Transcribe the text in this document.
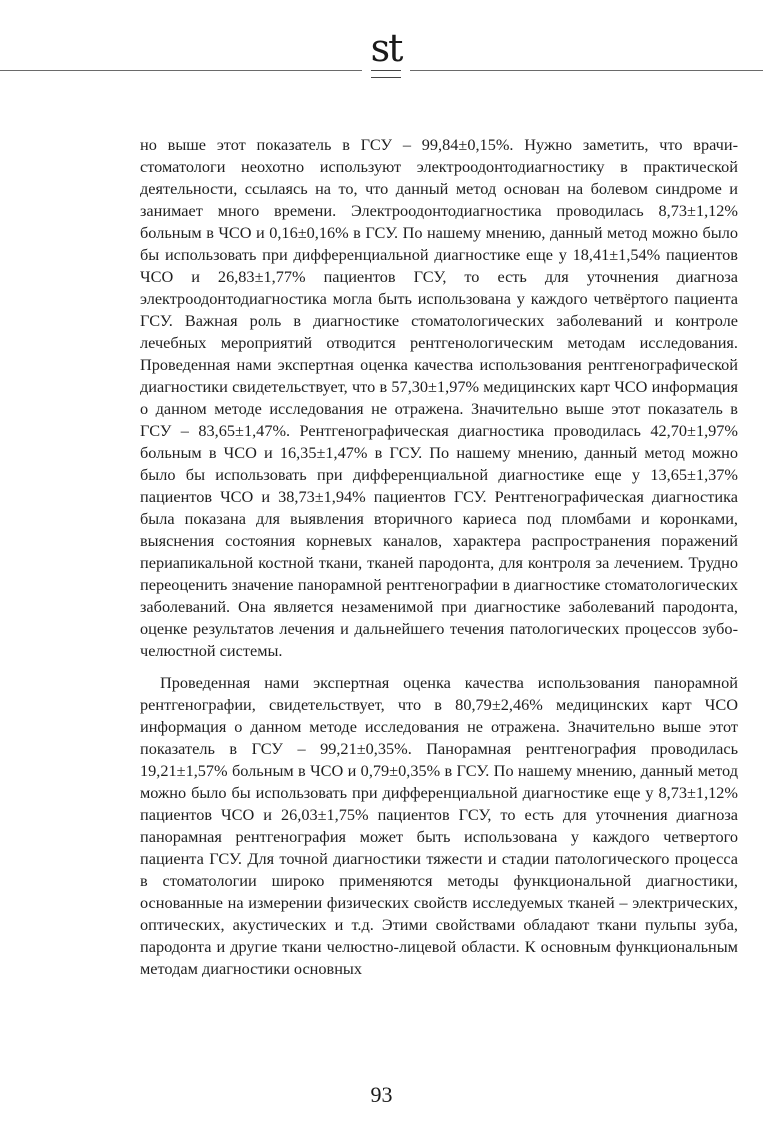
st

но выше этот показатель в ГСУ – 99,84±0,15%. Нужно заметить, что врачи-стоматологи неохотно используют электроодонтодиагностику в практической деятельности, ссылаясь на то, что данный метод основан на болевом синдроме и занимает много времени. Электроодонтодиагностика проводилась 8,73±1,12% больным в ЧСО и 0,16±0,16% в ГСУ. По нашему мнению, данный метод можно было бы использовать при дифференциальной диагностике еще у 18,41±1,54% пациентов ЧСО и 26,83±1,77% пациентов ГСУ, то есть для уточнения диагноза электроодонтодиагностика могла быть использована у каждого четвёртого пациента ГСУ. Важная роль в диагностике стоматологических заболеваний и контроле лечебных мероприятий отводится рентгенологическим методам исследования. Проведенная нами экспертная оценка качества использования рентгенографической диагностики свидетельствует, что в 57,30±1,97% медицинских карт ЧСО информация о данном методе исследования не отражена. Значительно выше этот показатель в ГСУ – 83,65±1,47%. Рентгенографическая диагностика проводилась 42,70±1,97% больным в ЧСО и 16,35±1,47% в ГСУ. По нашему мнению, данный метод можно было бы использовать при дифференциальной диагностике еще у 13,65±1,37% пациентов ЧСО и 38,73±1,94% пациентов ГСУ. Рентгенографическая диагностика была показана для выявления вторичного кариеса под пломбами и коронками, выяснения состояния корневых каналов, характера распространения поражений периапикальной костной ткани, тканей пародонта, для контроля за лечением. Трудно переоценить значение панорамной рентгенографии в диагностике стоматологических заболеваний. Она является незаменимой при диагностике заболеваний пародонта, оценке результатов лечения и дальнейшего течения патологических процессов зубо-челюстной системы.

Проведенная нами экспертная оценка качества использования панорамной рентгенографии, свидетельствует, что в 80,79±2,46% медицинских карт ЧСО информация о данном методе исследования не отражена. Значительно выше этот показатель в ГСУ – 99,21±0,35%. Панорамная рентгенография проводилась 19,21±1,57% больным в ЧСО и 0,79±0,35% в ГСУ. По нашему мнению, данный метод можно было бы использовать при дифференциальной диагностике еще у 8,73±1,12% пациентов ЧСО и 26,03±1,75% пациентов ГСУ, то есть для уточнения диагноза панорамная рентгенография может быть использована у каждого четвертого пациента ГСУ. Для точной диагностики тяжести и стадии патологического процесса в стоматологии широко применяются методы функциональной диагностики, основанные на измерении физических свойств исследуемых тканей – электрических, оптических, акустических и т.д. Этими свойствами обладают ткани пульпы зуба, пародонта и другие ткани челюстно-лицевой области. К основным функциональным методам диагностики основных

93
